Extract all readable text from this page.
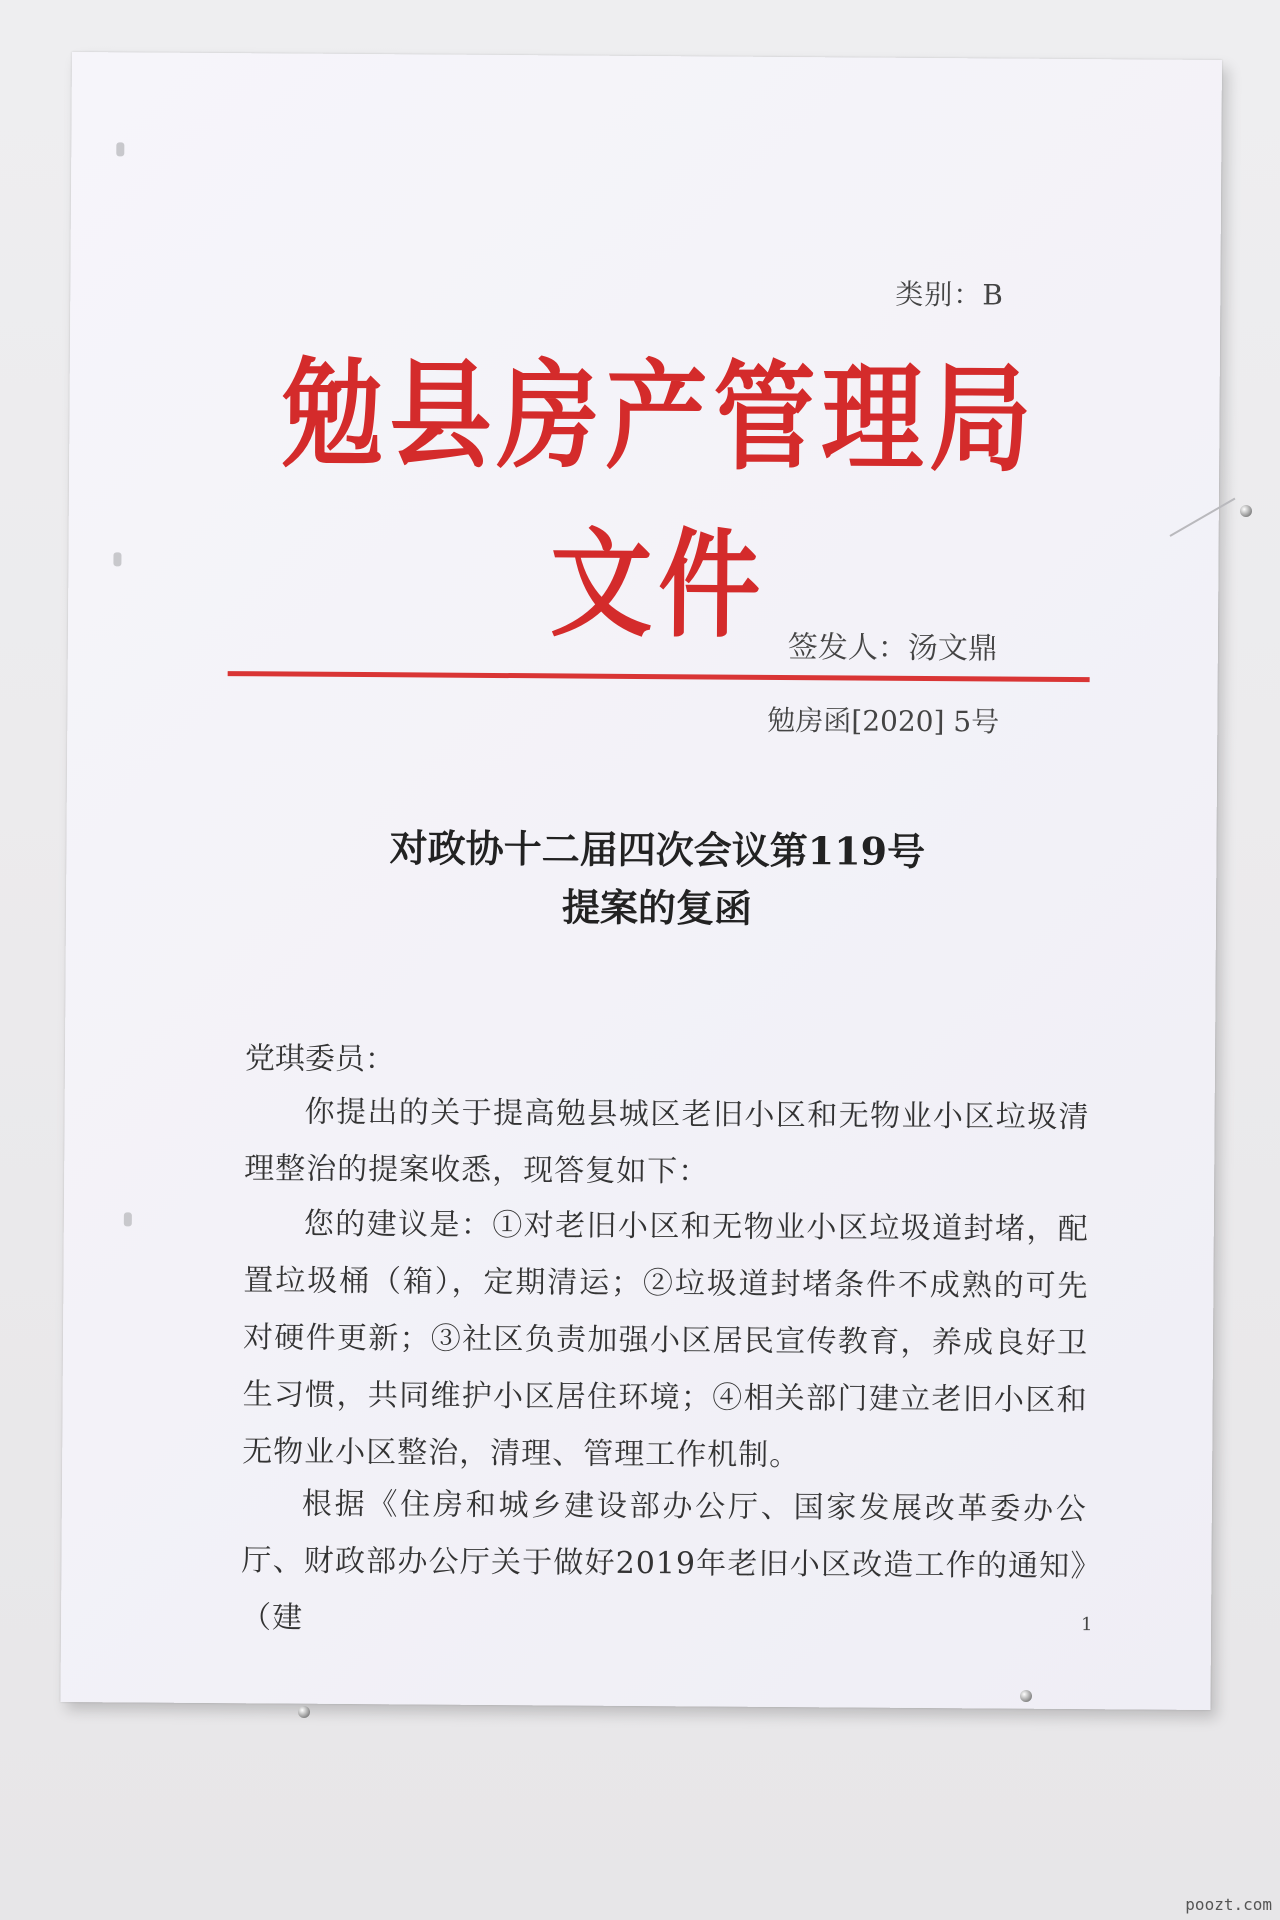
类别：B
勉县房产管理局文件 签发人：汤文鼎
勉房函[2020] 5号
对政协十二届四次会议第119号
提案的复函
党琪委员：
你提出的关于提高勉县城区老旧小区和无物业小区垃圾清理整治的提案收悉，现答复如下：
您的建议是：①对老旧小区和无物业小区垃圾道封堵，配置垃圾桶（箱），定期清运；②垃圾道封堵条件不成熟的可先对硬件更新；③社区负责加强小区居民宣传教育，养成良好卫生习惯，共同维护小区居住环境；④相关部门建立老旧小区和无物业小区整治，清理、管理工作机制。
根据《住房和城乡建设部办公厅、国家发展改革委办公厅、财政部办公厅关于做好2019年老旧小区改造工作的通知》（建	1
poozt.com
